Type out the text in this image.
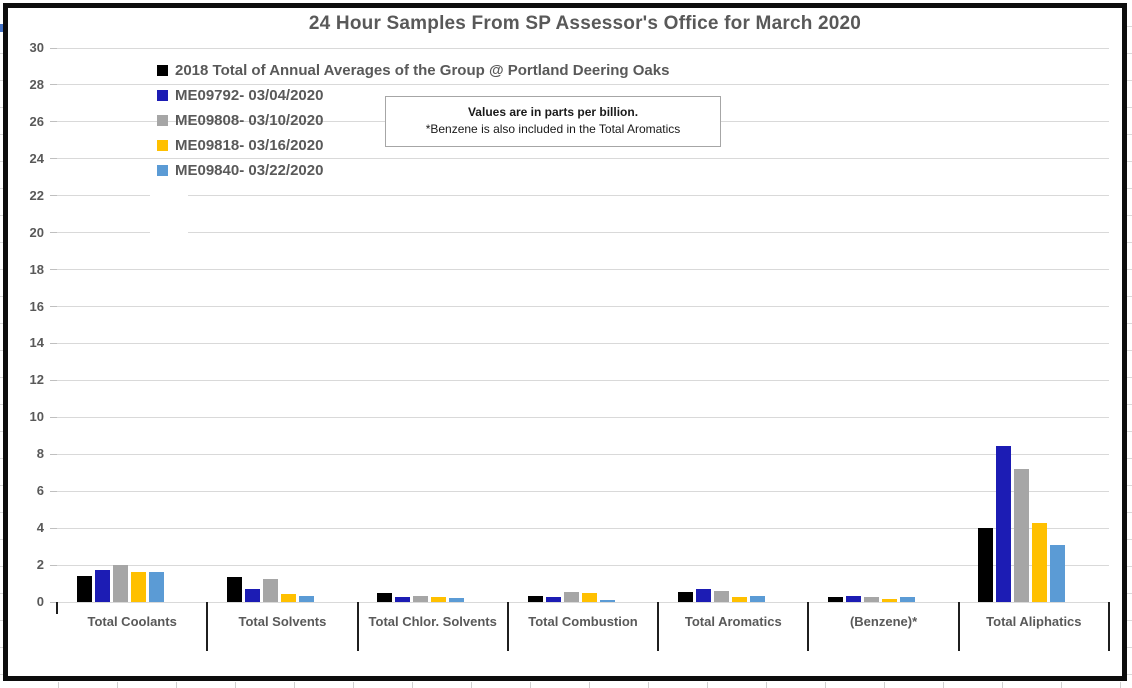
24 Hour Samples From SP Assessor's Office for March 2020
0
2
4
6
8
10
12
14
16
18
20
22
24
26
28
30
Total Coolants	Total Solvents	Total Chlor. Solvents	Total Combustion	Total Aromatics	(Benzene)*	Total Aliphatics
2018 Total of Annual Averages of the Group @ Portland Deering Oaks
ME09792- 03/04/2020
ME09808- 03/10/2020
ME09818- 03/16/2020
ME09840- 03/22/2020
Values are in parts per billion.
*Benzene is also included in the Total Aromatics
